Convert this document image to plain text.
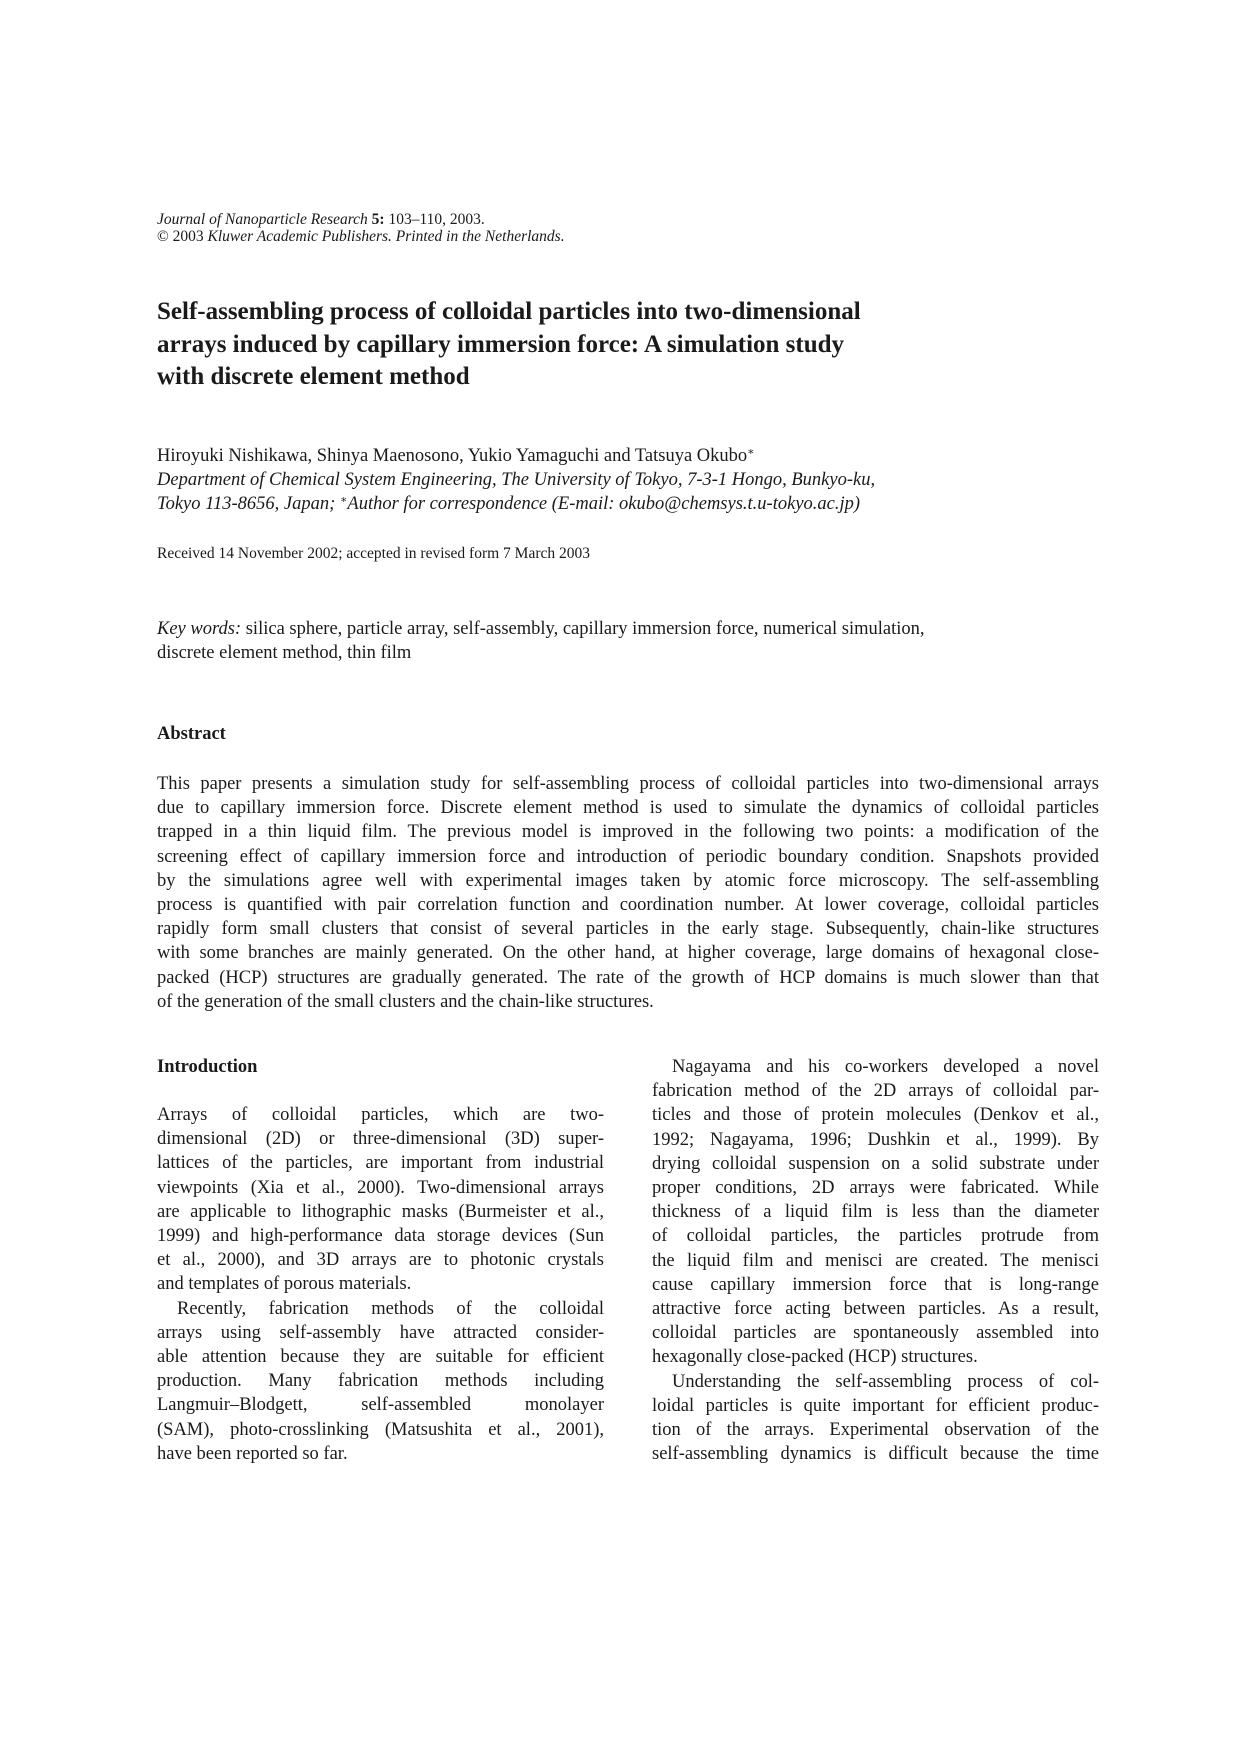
Journal of Nanoparticle Research 5: 103–110, 2003.
© 2003 Kluwer Academic Publishers. Printed in the Netherlands.
Self-assembling process of colloidal particles into two-dimensional
arrays induced by capillary immersion force: A simulation study
with discrete element method
Hiroyuki Nishikawa, Shinya Maenosono, Yukio Yamaguchi and Tatsuya Okubo∗
Department of Chemical System Engineering, The University of Tokyo, 7-3-1 Hongo, Bunkyo-ku,
Tokyo 113-8656, Japan; ∗Author for correspondence (E-mail: okubo@chemsys.t.u-tokyo.ac.jp)
Received 14 November 2002; accepted in revised form 7 March 2003
Key words: silica sphere, particle array, self-assembly, capillary immersion force, numerical simulation,
discrete element method, thin film
Abstract
This paper presents a simulation study for self-assembling process of colloidal particles into two-dimensional arrays
due to capillary immersion force. Discrete element method is used to simulate the dynamics of colloidal particles
trapped in a thin liquid film. The previous model is improved in the following two points: a modification of the
screening effect of capillary immersion force and introduction of periodic boundary condition. Snapshots provided
by the simulations agree well with experimental images taken by atomic force microscopy. The self-assembling
process is quantified with pair correlation function and coordination number. At lower coverage, colloidal particles
rapidly form small clusters that consist of several particles in the early stage. Subsequently, chain-like structures
with some branches are mainly generated. On the other hand, at higher coverage, large domains of hexagonal close-
packed (HCP) structures are gradually generated. The rate of the growth of HCP domains is much slower than that
of the generation of the small clusters and the chain-like structures.
Introduction
Arrays of colloidal particles, which are two-
dimensional (2D) or three-dimensional (3D) super-
lattices of the particles, are important from industrial
viewpoints (Xia et al., 2000). Two-dimensional arrays
are applicable to lithographic masks (Burmeister et al.,
1999) and high-performance data storage devices (Sun
et al., 2000), and 3D arrays are to photonic crystals
and templates of porous materials.
Recently, fabrication methods of the colloidal
arrays using self-assembly have attracted consider-
able attention because they are suitable for efficient
production. Many fabrication methods including
Langmuir–Blodgett, self-assembled monolayer
(SAM), photo-crosslinking (Matsushita et al., 2001),
have been reported so far.
Nagayama and his co-workers developed a novel
fabrication method of the 2D arrays of colloidal par-
ticles and those of protein molecules (Denkov et al.,
1992; Nagayama, 1996; Dushkin et al., 1999). By
drying colloidal suspension on a solid substrate under
proper conditions, 2D arrays were fabricated. While
thickness of a liquid film is less than the diameter
of colloidal particles, the particles protrude from
the liquid film and menisci are created. The menisci
cause capillary immersion force that is long-range
attractive force acting between particles. As a result,
colloidal particles are spontaneously assembled into
hexagonally close-packed (HCP) structures.
Understanding the self-assembling process of col-
loidal particles is quite important for efficient produc-
tion of the arrays. Experimental observation of the
self-assembling dynamics is difficult because the time
